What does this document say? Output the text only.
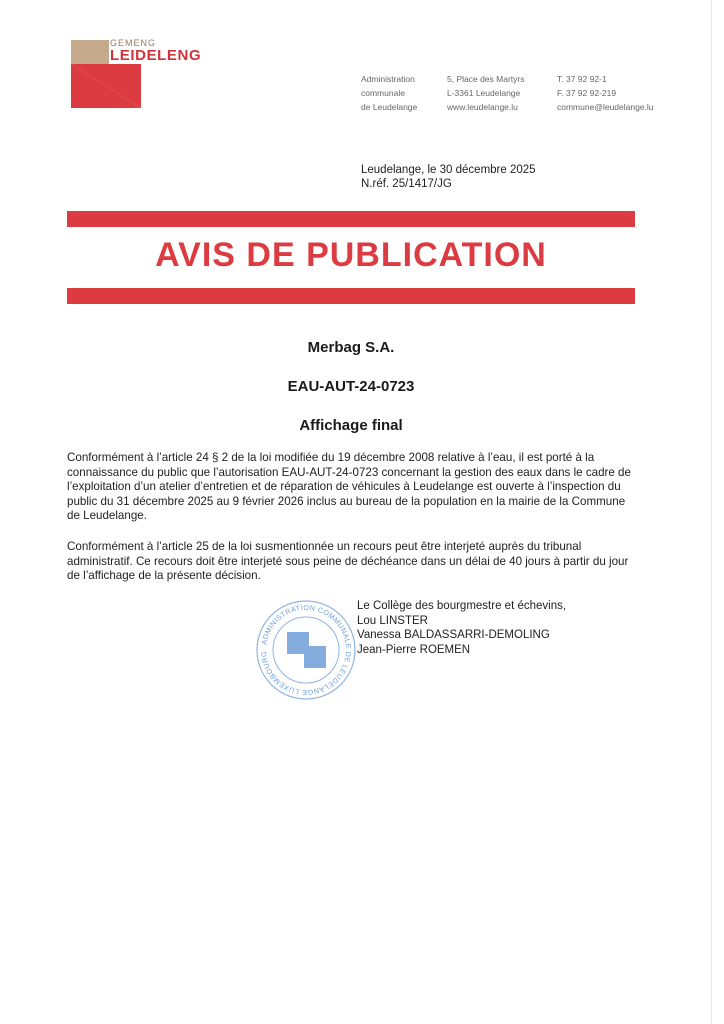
GEMENG
LEIDELENG
Administration
communale
de Leudelange
5, Place des Martyrs
L-3361 Leudelange
www.leudelange.lu
T. 37 92 92-1
F. 37 92 92-219
commune@leudelange.lu
Leudelange, le 30 décembre 2025
N.réf. 25/1417/JG
AVIS DE PUBLICATION
Merbag S.A.
EAU-AUT-24-0723
Affichage final
Conformément à l’article 24 § 2 de la loi modifiée du 19 décembre 2008 relative à l’eau, il est porté à la connaissance du public que l’autorisation EAU-AUT-24-0723 concernant la gestion des eaux dans le cadre de l’exploitation d’un atelier d’entretien et de réparation de véhicules à Leudelange est ouverte à l’inspection du public du 31 décembre 2025 au 9 février 2026 inclus au bureau de la population en la mairie de la Commune de Leudelange.
Conformément à l’article 25 de la loi susmentionnée un recours peut être interjeté auprès du tribunal administratif. Ce recours doit être interjeté sous peine de déchéance dans un délai de 40 jours à partir du jour de l’affichage de la présente décision.
ADMINISTRATION COMMUNALE DE LEUDELANGE LUXEMBOURG
Le Collège des bourgmestre et échevins,
Lou LINSTER
Vanessa BALDASSARRI-DEMOLING
Jean-Pierre ROEMEN
